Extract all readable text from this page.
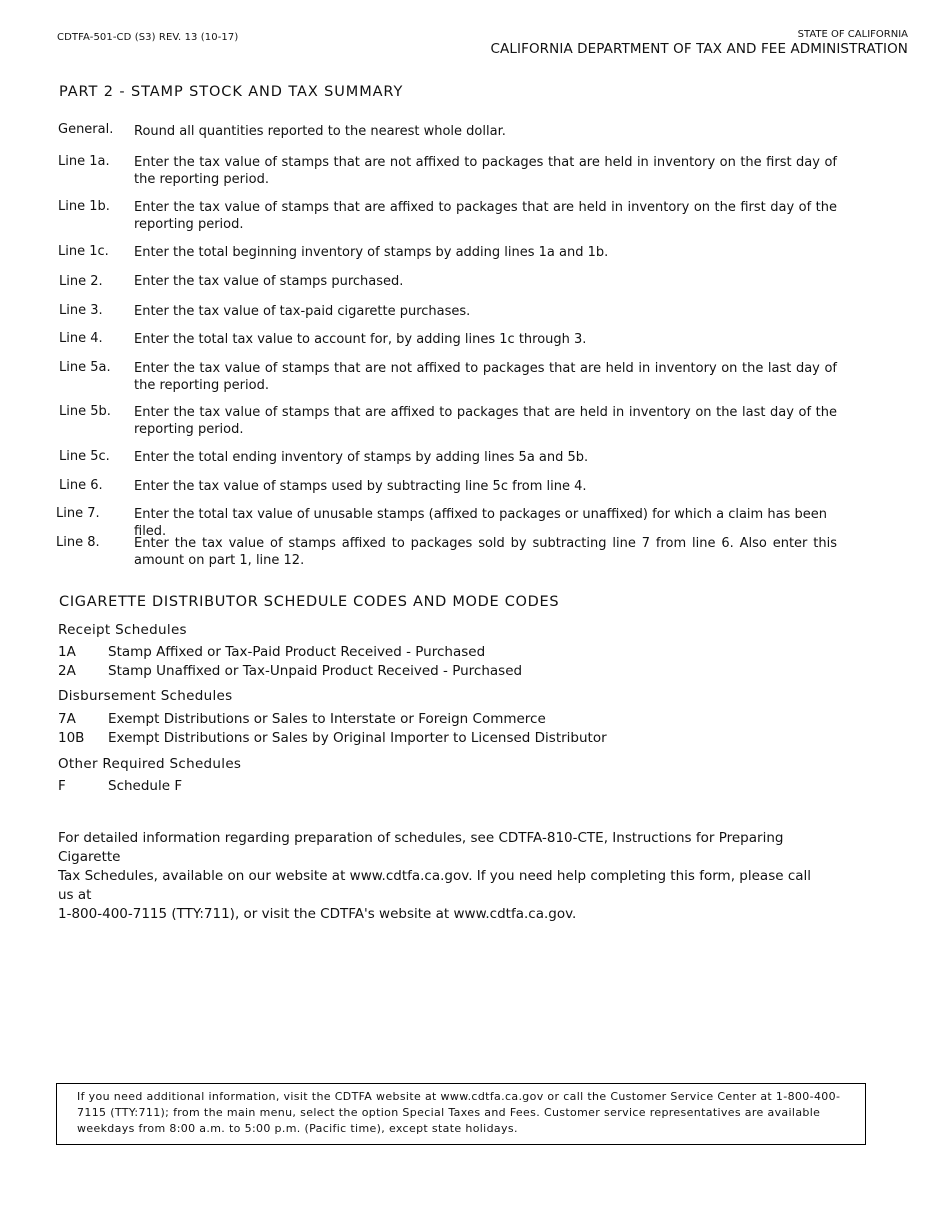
CDTFA-501-CD (S3) REV. 13 (10-17)	STATE OF CALIFORNIA
CALIFORNIA DEPARTMENT OF TAX AND FEE ADMINISTRATION
PART 2 - STAMP STOCK AND TAX SUMMARY
General. Round all quantities reported to the nearest whole dollar.
Line 1a. Enter the tax value of stamps that are not affixed to packages that are held in inventory on the first day of the reporting period.
Line 1b. Enter the tax value of stamps that are affixed to packages that are held in inventory on the first day of the reporting period.
Line 1c. Enter the total beginning inventory of stamps by adding lines 1a and 1b.
Line 2. Enter the tax value of stamps purchased.
Line 3. Enter the tax value of tax-paid cigarette purchases.
Line 4. Enter the total tax value to account for, by adding lines 1c through 3.
Line 5a. Enter the tax value of stamps that are not affixed to packages that are held in inventory on the last day of the reporting period.
Line 5b. Enter the tax value of stamps that are affixed to packages that are held in inventory on the last day of the reporting period.
Line 5c. Enter the total ending inventory of stamps by adding lines 5a and 5b.
Line 6. Enter the tax value of stamps used by subtracting line 5c from line 4.
Line 7.	Enter the total tax value of unusable stamps (affixed to packages or unaffixed) for which a claim has been filed.
Line 8.	Enter the tax value of stamps affixed to packages sold by subtracting line 7 from line 6. Also enter this amount on part 1, line 12.
CIGARETTE DISTRIBUTOR SCHEDULE CODES AND MODE CODES
Receipt Schedules
1A Stamp Affixed or Tax-Paid Product Received - Purchased
2A Stamp Unaffixed or Tax-Unpaid Product Received - Purchased
Disbursement Schedules
7A Exempt Distributions or Sales to Interstate or Foreign Commerce
10B Exempt Distributions or Sales by Original Importer to Licensed Distributor
Other Required Schedules
F	Schedule F
For detailed information regarding preparation of schedules, see CDTFA-810-CTE, Instructions for Preparing Cigarette
Tax Schedules, available on our website at www.cdtfa.ca.gov. If you need help completing this form, please call us at
1-800-400-7115 (TTY:711), or visit the CDTFA's website at www.cdtfa.ca.gov.
If you need additional information, visit the CDTFA website at www.cdtfa.ca.gov or call the Customer Service Center at 1-800-400-7115 (TTY:711); from the main menu, select the option Special Taxes and Fees. Customer service representatives are available weekdays from 8:00 a.m. to 5:00 p.m. (Pacific time), except state holidays.
